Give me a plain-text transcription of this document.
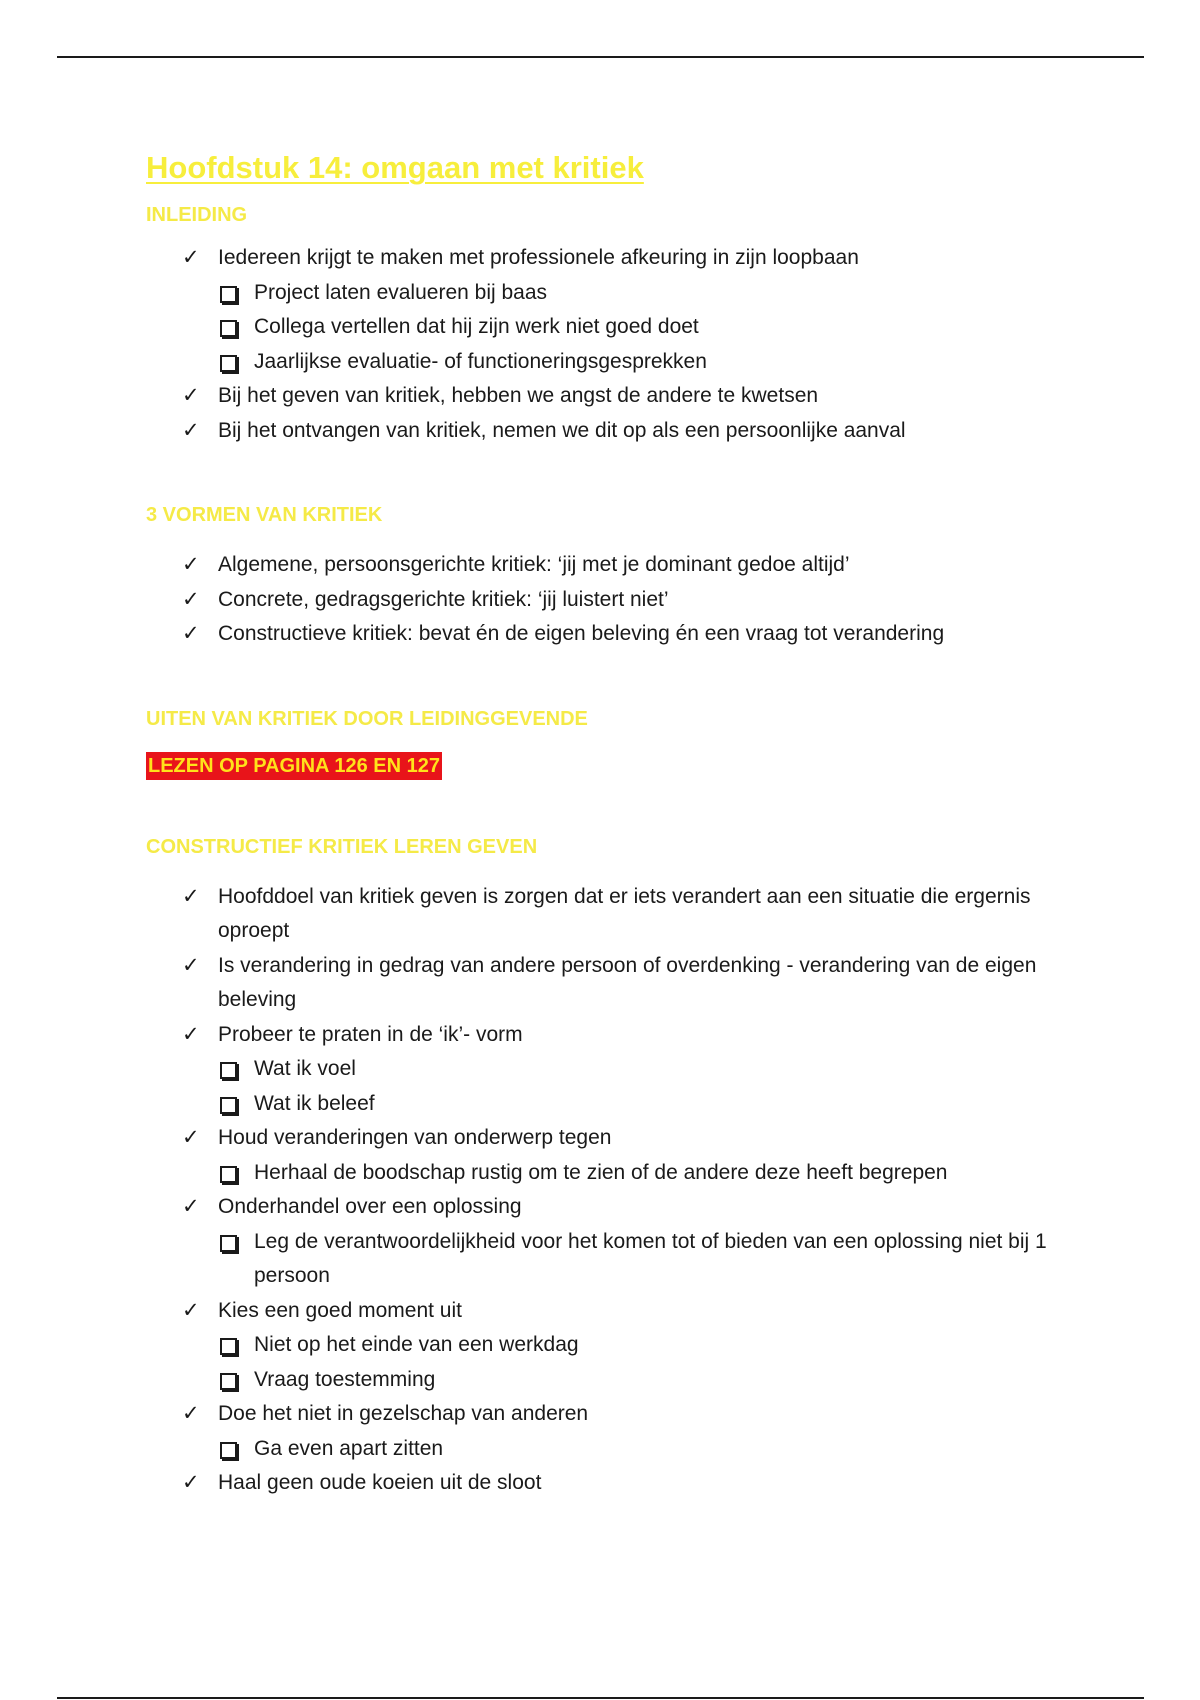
Hoofdstuk 14: omgaan met kritiek
INLEIDING
✓ Iedereen krijgt te maken met professionele afkeuring in zijn loopbaan
Project laten evalueren bij baas
Collega vertellen dat hij zijn werk niet goed doet
Jaarlijkse evaluatie- of functioneringsgesprekken
✓ Bij het geven van kritiek, hebben we angst de andere te kwetsen
✓ Bij het ontvangen van kritiek, nemen we dit op als een persoonlijke aanval
3 VORMEN VAN KRITIEK
✓ Algemene, persoonsgerichte kritiek: ‘jij met je dominant gedoe altijd’
✓ Concrete, gedragsgerichte kritiek: ‘jij luistert niet’
✓ Constructieve kritiek: bevat én de eigen beleving én een vraag tot verandering
UITEN VAN KRITIEK DOOR LEIDINGGEVENDE
LEZEN OP PAGINA 126 EN 127
CONSTRUCTIEF KRITIEK LEREN GEVEN
✓ Hoofddoel van kritiek geven is zorgen dat er iets verandert aan een situatie die ergernis oproept
✓ Is verandering in gedrag van andere persoon of overdenking - verandering van de eigen beleving
✓ Probeer te praten in de ‘ik’- vorm
Wat ik voel
Wat ik beleef
✓ Houd veranderingen van onderwerp tegen
Herhaal de boodschap rustig om te zien of de andere deze heeft begrepen
✓ Onderhandel over een oplossing
Leg de verantwoordelijkheid voor het komen tot of bieden van een oplossing niet bij 1 persoon
✓ Kies een goed moment uit
Niet op het einde van een werkdag
Vraag toestemming
✓ Doe het niet in gezelschap van anderen
Ga even apart zitten
✓ Haal geen oude koeien uit de sloot
